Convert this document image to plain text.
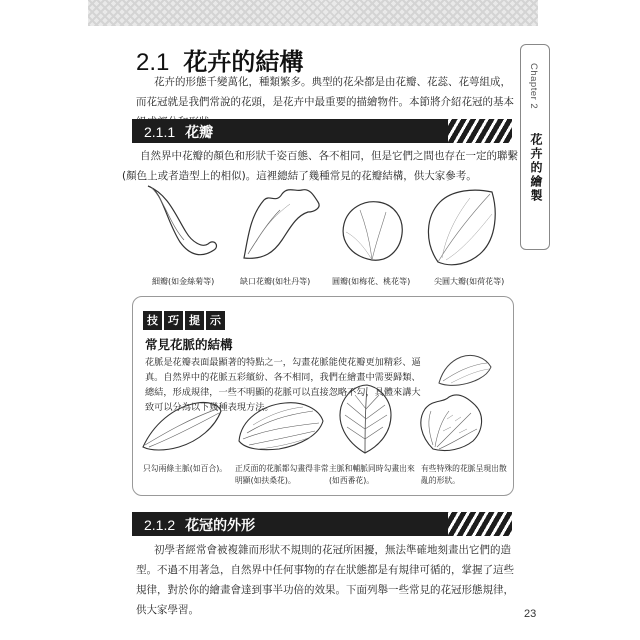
Chapter 2
花卉的繪製
2.1 花卉的結構
花卉的形態千變萬化，種類繁多。典型的花朵都是由花瓣、花蕊、花萼組成，而花冠就是我們常說的花頭，是花卉中最重要的描繪物件。本節將介紹花冠的基本
2.1.1 花瓣
自然界中花瓣的顏色和形狀千姿百態、各不相同，但是它們之間也存在一定的聯繫(顏色上或者造型上的相似)。這裡總結了幾種常見的花瓣結構，供大家參考。
細瓣(如金絲菊等)	缺口花瓣(如牡丹等)	圓瓣(如梅花、桃花等)	尖圓大瓣(如荷花等)
技 巧 提 示
常見花脈的結構
花脈是花瓣表面最顯著的特點之一，勾畫花脈能使花瓣更加精彩、逼真。自然界中的花脈五彩繽紛、各不相同，我們在繪畫中需要歸類、總結，形成規律，一些不明顯的花脈可以直接忽略不勾，具體來講大致可以分為以下幾種表現方法。
只勾兩條主脈(如百合)。 正反面的花脈都勾畫得非常明顯(如扶桑花)。
主脈和輔脈同時勾畫出來(如西番花)。
有些特殊的花脈呈現出散亂的形狀。
2.1.2 花冠的外形
初學者經常會被複雜而形狀不規則的花冠所困擾，無法準確地刻畫出它們的造型。不過不用著急，自然界中任何事物的存在狀態都是有規律可循的，掌握了這些規律，對於你的繪畫會達到事半功倍的效果。下面列舉一些常見的花冠形態規律，供大家學習。	23
